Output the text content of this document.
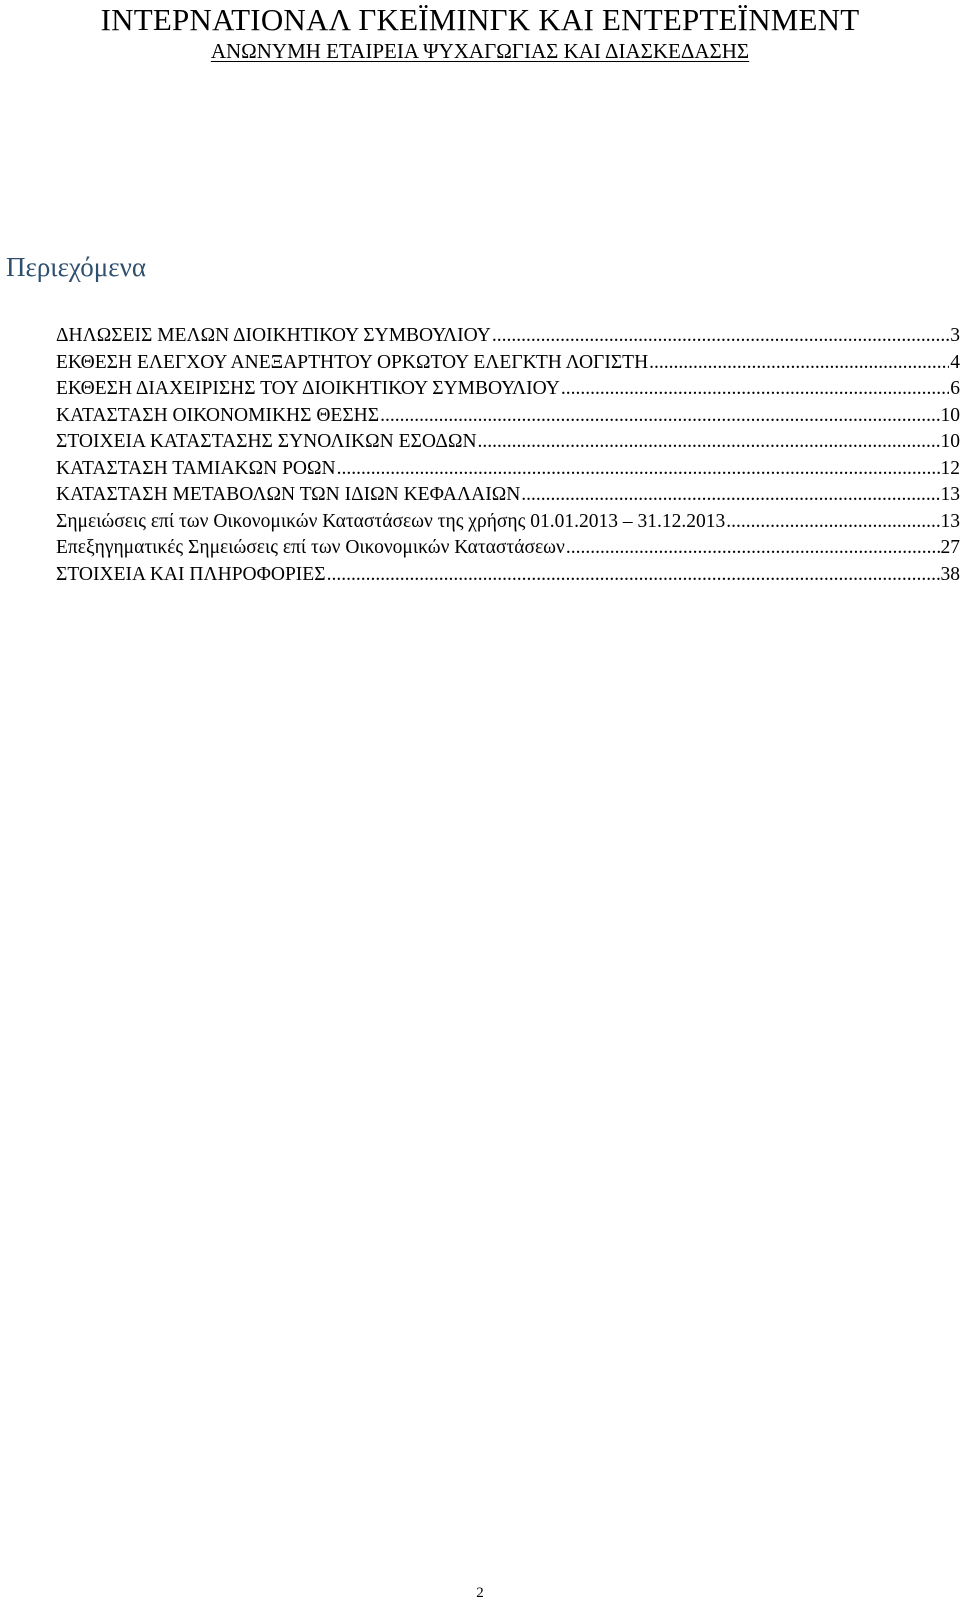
ΙΝΤΕΡΝΑΤΙΟΝΑΛ ΓΚΕΪΜΙΝΓΚ ΚΑΙ ΕΝΤΕΡΤΕΪΝΜΕΝΤ

ΑΝΩΝΥΜΗ ΕΤΑΙΡΕΙΑ ΨΥΧΑΓΩΓΙΑΣ ΚΑΙ ΔΙΑΣΚΕΔΑΣΗΣ

Περιεχόμενα
ΔΗΛΩΣΕΙΣ ΜΕΛΩΝ ΔΙΟΙΚΗΤΙΚΟΥ ΣΥΜΒΟΥΛΙΟΥ .....	3
ΕΚΘΕΣΗ ΕΛΕΓΧΟΥ ΑΝΕΞΑΡΤΗΤΟΥ ΟΡΚΩΤΟΥ ΕΛΕΓΚΤΗ ΛΟΓΙΣΤΗ .....	4
ΕΚΘΕΣΗ ΔΙΑΧΕΙΡΙΣΗΣ ΤΟΥ ΔΙΟΙΚΗΤΙΚΟΥ ΣΥΜΒΟΥΛΙΟΥ .....	6
ΚΑΤΑΣΤΑΣΗ ΟΙΚΟΝΟΜΙΚΗΣ ΘΕΣΗΣ .....	10
ΣΤΟΙΧΕΙΑ ΚΑΤΑΣΤΑΣΗΣ ΣΥΝΟΛΙΚΩΝ ΕΣΟΔΩΝ .....	10
ΚΑΤΑΣΤΑΣΗ ΤΑΜΙΑΚΩΝ ΡΟΩΝ .....	12
ΚΑΤΑΣΤΑΣΗ ΜΕΤΑΒΟΛΩΝ ΤΩΝ ΙΔΙΩΝ ΚΕΦΑΛΑΙΩΝ .....	13
Σημειώσεις επί των Οικονομικών Καταστάσεων της χρήσης 01.01.2013 – 31.12.2013 .....	13
Επεξηγηματικές Σημειώσεις επί των Οικονομικών Καταστάσεων .....	27
ΣΤΟΙΧΕΙΑ ΚΑΙ ΠΛΗΡΟΦΟΡΙΕΣ .....	38
2
